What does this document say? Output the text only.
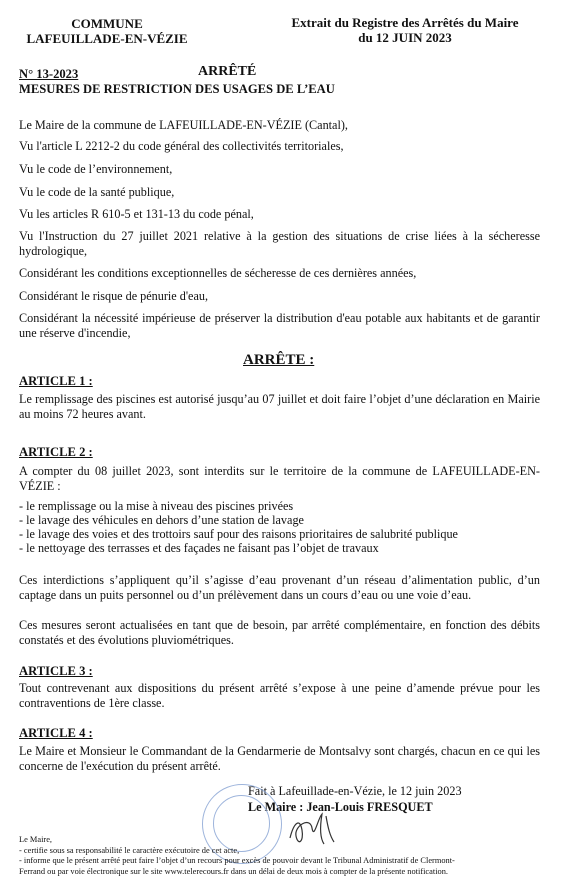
COMMUNE
LAFEUILLADE-EN-VÉZIE
Extrait du Registre des Arrêtés du Maire
du 12 JUIN 2023
N° 13-2023	ARRÊTÉ
MESURES DE RESTRICTION DES USAGES DE L’EAU
Le Maire de la commune de LAFEUILLADE-EN-VÉZIE (Cantal),
Vu l'article L 2212-2 du code général des collectivités territoriales,
Vu le code de l’environnement,
Vu le code de la santé publique,
Vu les articles R 610-5 et 131-13 du code pénal,
Vu l'Instruction du 27 juillet 2021 relative à la gestion des situations de crise liées à la sécheresse hydrologique,
Considérant les conditions exceptionnelles de sécheresse de ces dernières années,
Considérant le risque de pénurie d'eau,
Considérant la nécessité impérieuse de préserver la distribution d'eau potable aux habitants et de garantir une réserve d'incendie,
ARRÊTE :
ARTICLE 1 :
Le remplissage des piscines est autorisé jusqu’au 07 juillet et doit faire l’objet d’une déclaration en Mairie au moins 72 heures avant.
ARTICLE 2 :
A compter du 08 juillet 2023, sont interdits sur le territoire de la commune de LAFEUILLADE-EN-VÉZIE :
- le remplissage ou la mise à niveau des piscines privées
- le lavage des véhicules en dehors d’une station de lavage
- le lavage des voies et des trottoirs sauf pour des raisons prioritaires de salubrité publique
- le nettoyage des terrasses et des façades ne faisant pas l’objet de travaux
Ces interdictions s’appliquent qu’il s’agisse d’eau provenant d’un réseau d’alimentation public, d’un captage dans un puits personnel ou d’un prélèvement dans un cours d’eau ou une voie d’eau.
Ces mesures seront actualisées en tant que de besoin, par arrêté complémentaire, en fonction des débits constatés et des évolutions pluviométriques.
ARTICLE 3 :
Tout contrevenant aux dispositions du présent arrêté s’expose à une peine d’amende prévue pour les contraventions de 1ère classe.
ARTICLE 4 :
Le Maire et Monsieur le Commandant de la Gendarmerie de Montsalvy sont chargés, chacun en ce qui les concerne de l'exécution du présent arrêté.
Fait à Lafeuillade-en-Vézie, le 12 juin 2023
Le Maire : Jean-Louis FRESQUET
Le Maire,
- certifie sous sa responsabilité le caractère exécutoire de cet acte,
- informe que le présent arrêté peut faire l’objet d’un recours pour excès de pouvoir devant le Tribunal Administratif de Clermont-
Ferrand ou par voie électronique sur le site www.telerecours.fr dans un délai de deux mois à compter de la présente notification.
